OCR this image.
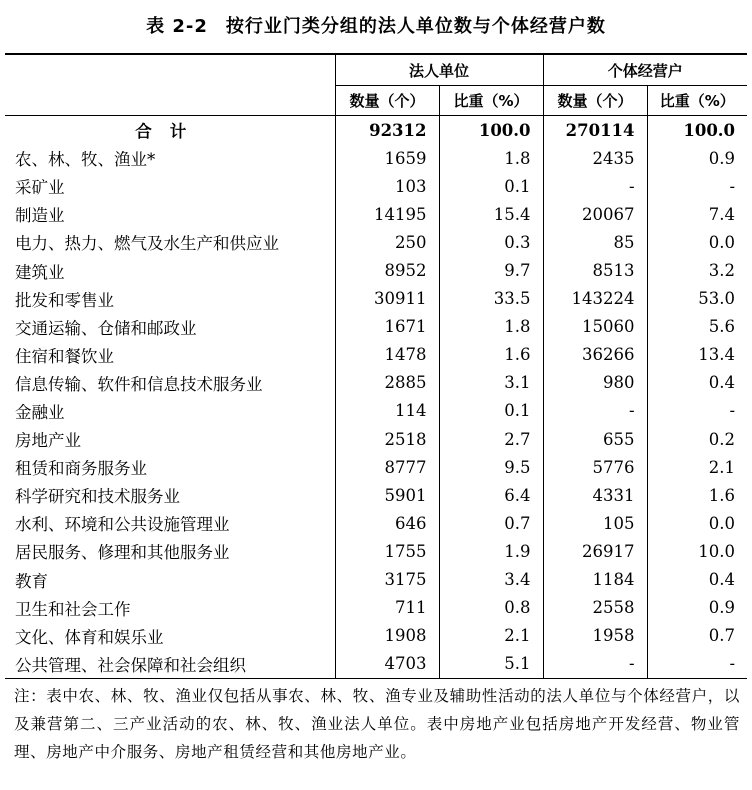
表 2-2 按行业门类分组的法人单位数与个体经营户数
	法人单位		个体经营户	
	数量（个）	比重（%）	数量（个）	比重（%）
合计	92312	100.0	270114	100.0
农、林、牧、渔业*	1659	1.8	2435	0.9
采矿业	103	0.1	-	-
制造业	14195	15.4	20067	7.4
电力、热力、燃气及水生产和供应业	250	0.3	85	0.0
建筑业	8952	9.7	8513	3.2
批发和零售业	30911	33.5	143224	53.0
交通运输、仓储和邮政业	1671	1.8	15060	5.6
住宿和餐饮业	1478	1.6	36266	13.4
信息传输、软件和信息技术服务业	2885	3.1	980	0.4
金融业	114	0.1	-	-
房地产业	2518	2.7	655	0.2
租赁和商务服务业	8777	9.5	5776	2.1
科学研究和技术服务业	5901	6.4	4331	1.6
水利、环境和公共设施管理业	646	0.7	105	0.0
居民服务、修理和其他服务业	1755	1.9	26917	10.0
教育	3175	3.4	1184	0.4
卫生和社会工作	711	0.8	2558	0.9
文化、体育和娱乐业	1908	2.1	1958	0.7
公共管理、社会保障和社会组织	4703	5.1	-	-
注：表中农、林、牧、渔业仅包括从事农、林、牧、渔专业及辅助性活动的法人单位与个体经营户，以及兼营第二、三产业活动的农、林、牧、渔业法人单位。表中房地产业包括房地产开发经营、物业管理、房地产中介服务、房地产租赁经营和其他房地产业。
